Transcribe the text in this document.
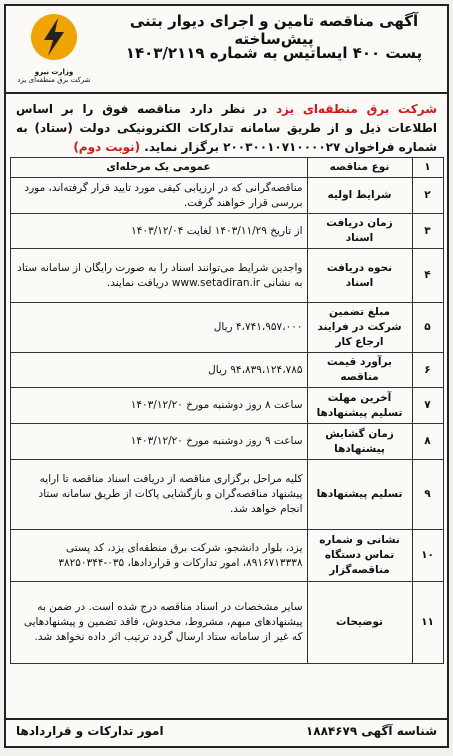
وزارت نیرو
شرکت برق منطقه‌ای یزد
آگهی مناقصه تامین و اجرای دیوار بتنی پیش‌ساخته
پست ۴۰۰ ایساتیس به شماره ۱۴۰۳/۲۱۱۹
شرکت برق منطقه‌ای یزد در نظر دارد مناقصه فوق را بر اساس اطلاعات ذیل و از طریق سامانه تدارکات الکترونیکی دولت (ستاد) به شماره فراخوان ۲۰۰۳۰۰۱۰۷۱۰۰۰۰۲۷ برگزار نماید. (نوبت دوم)
۱	نوع مناقصه	عمومی یک مرحله‌ای
۲	شرایط اولیه	مناقصه‌گرانی که در ارزیابی کیفی مورد تایید قرار گرفته‌اند، مورد بررسی قرار خواهند گرفت.
۳	زمان دریافت اسناد	از تاریخ ۱۴۰۳/۱۱/۲۹ لغایت ۱۴۰۳/۱۲/۰۴
۴	نحوه دریافت اسناد	واجدین شرایط می‌توانند اسناد را به صورت رایگان از سامانه ستاد به نشانی www.setadiran.ir دریافت نمایند.
۵	مبلغ تضمین شرکت در فرایند ارجاع کار	۴،۷۴۱،۹۵۷،۰۰۰ ریال
۶	برآورد قیمت مناقصه	۹۴،۸۳۹،۱۲۴،۷۸۵ ریال
۷	آخرین مهلت تسلیم پیشنهادها	ساعت ۸ روز دوشنبه مورخ ۱۴۰۳/۱۲/۲۰
۸	زمان گشایش پیشنهادها	ساعت ۹ روز دوشنبه مورخ ۱۴۰۳/۱۲/۲۰
۹	تسلیم پیشنهادها	کلیه مراحل برگزاری مناقصه از دریافت اسناد مناقصه تا ارایه پیشنهاد مناقصه‌گران و بازگشایی پاکات از طریق سامانه ستاد انجام خواهد شد.
۱۰	نشانی و شماره تماس دستگاه مناقصه‌گزار	یزد، بلوار دانشجو، شرکت برق منطقه‌ای یزد، کد پستی ۸۹۱۶۷۱۳۳۳۸، امور تدارکات و قراردادها، ۰۳۵-۳۸۲۵۰۳۴۴
۱۱	توضیحات	سایر مشخصات در اسناد مناقصه درج شده است. در ضمن به پیشنهادهای مبهم، مشروط، مخدوش، فاقد تضمین و پیشنهادهایی که غیر از سامانه ستاد ارسال گردد ترتیب اثر داده نخواهد شد.
شناسه آگهی ۱۸۸۴۶۷۹
امور تدارکات و قراردادها
